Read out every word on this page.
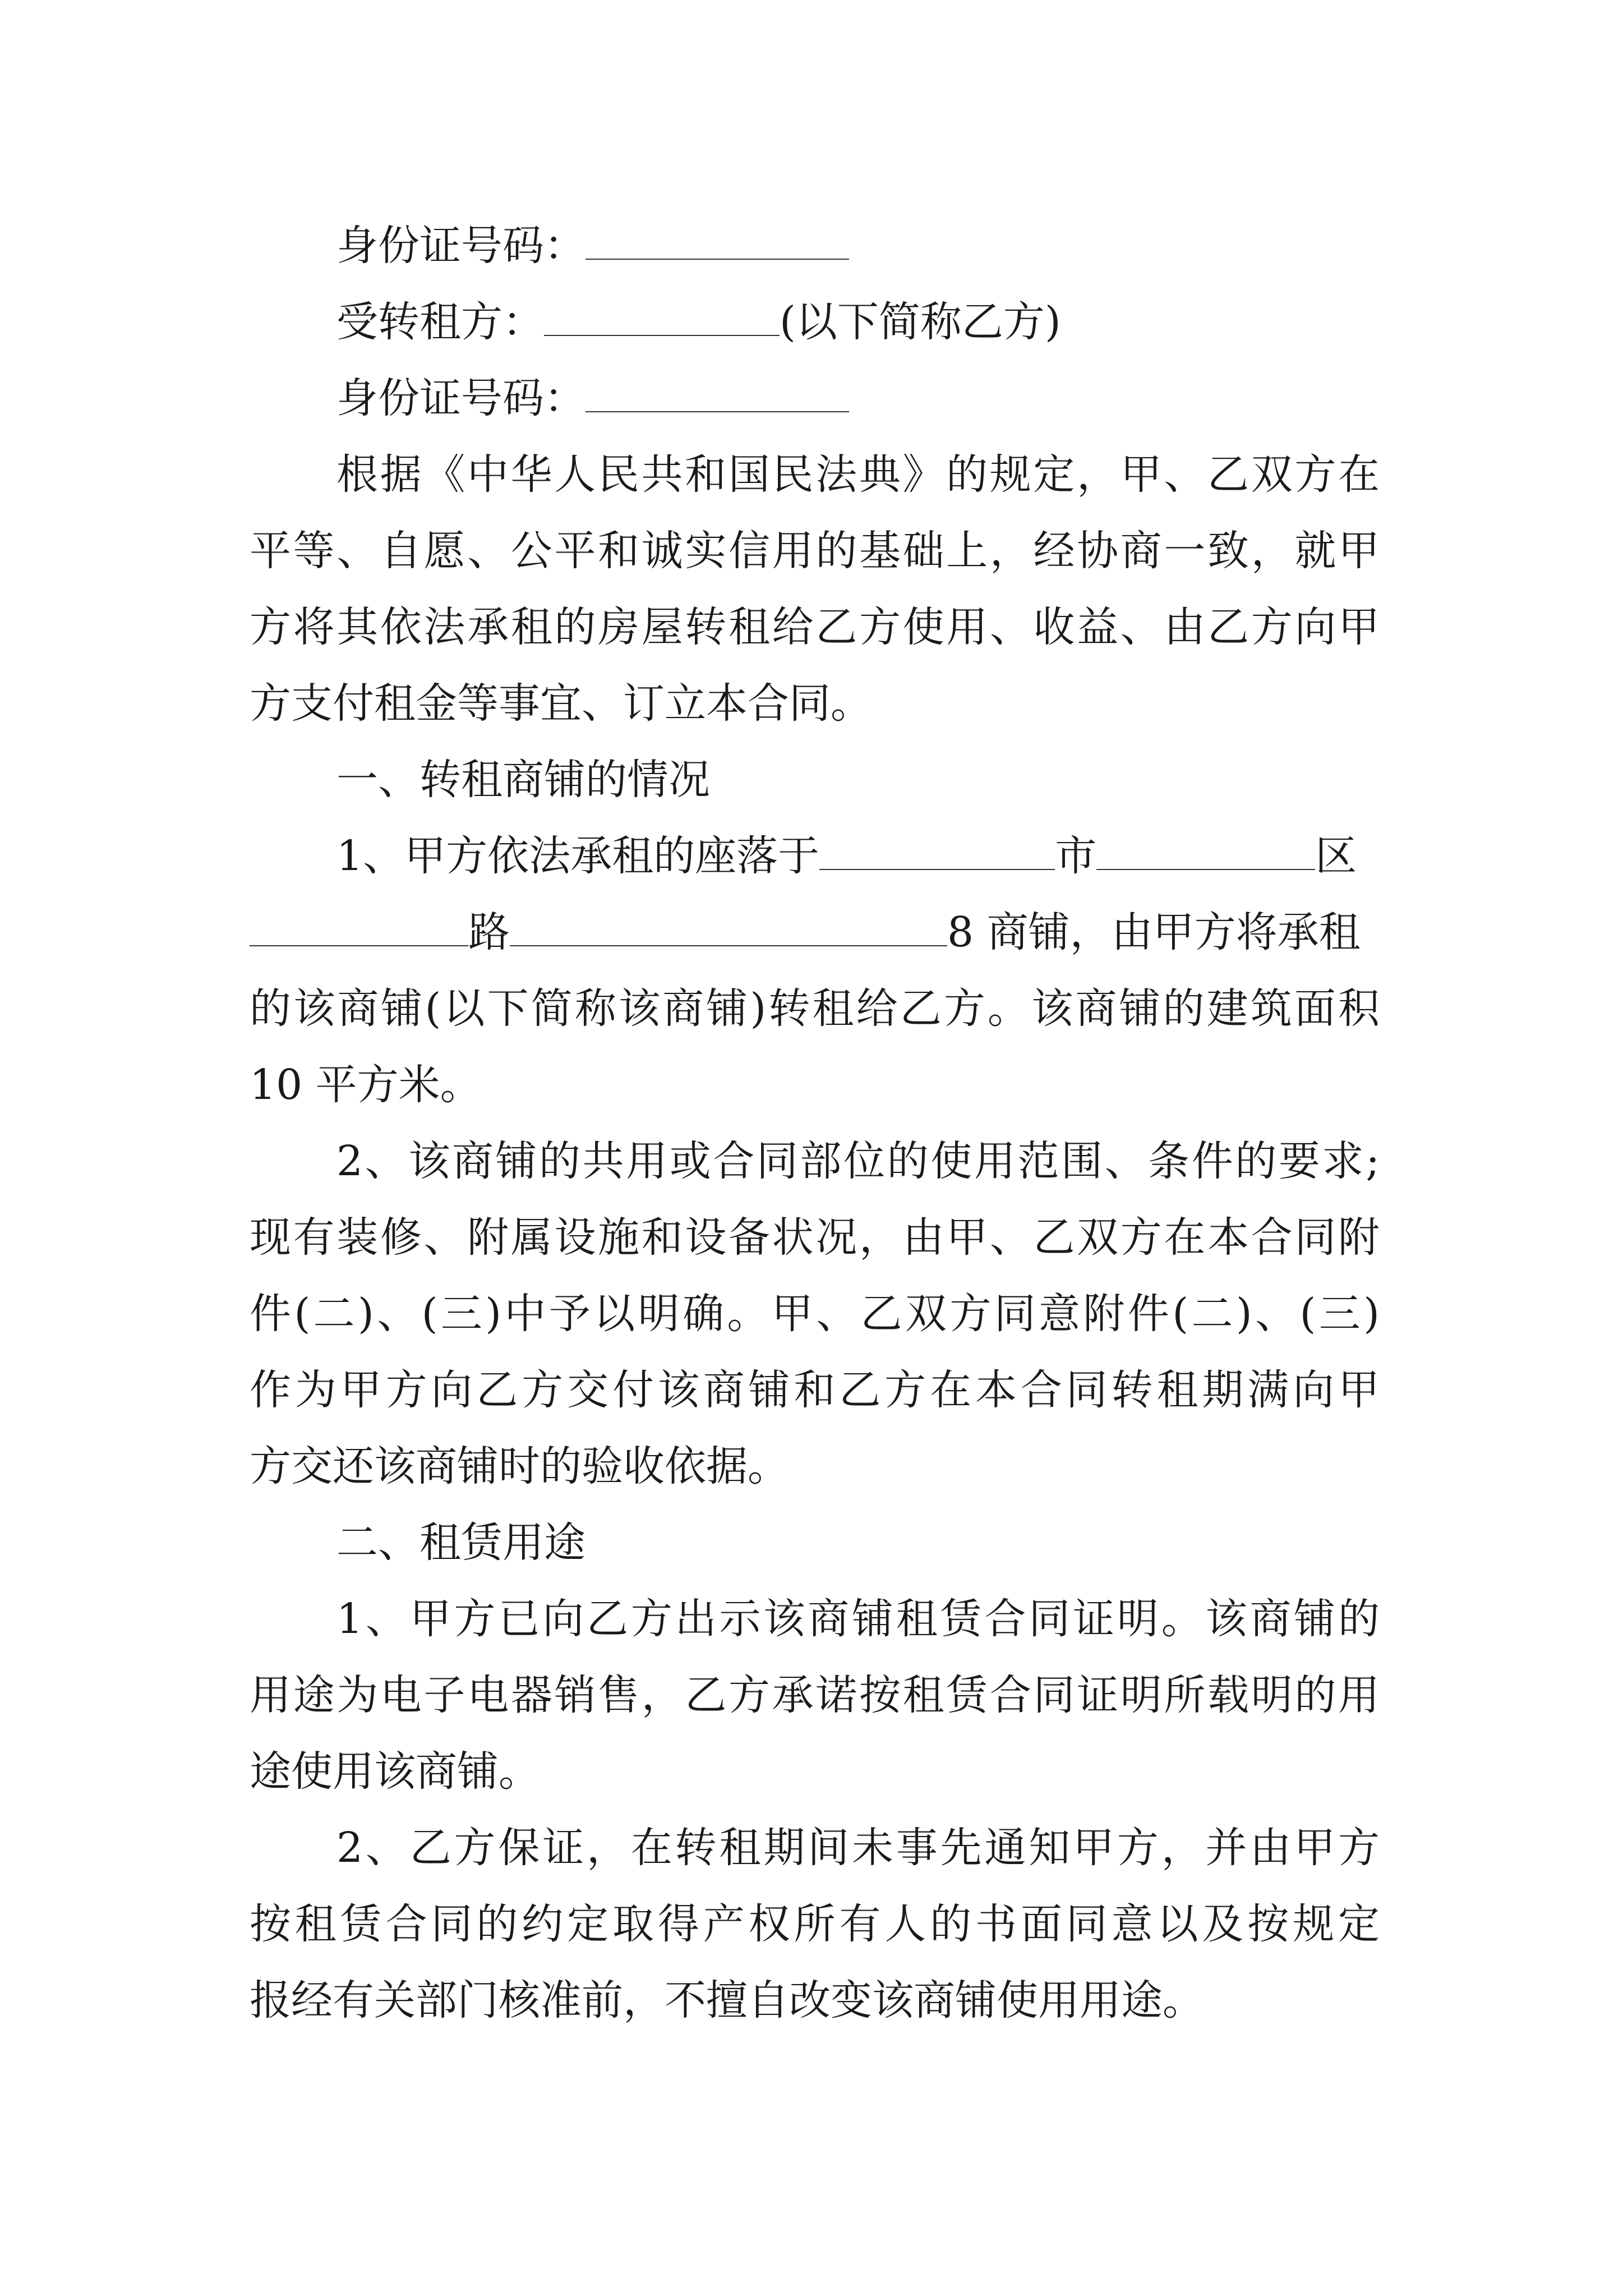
身份证号码：
受转租方：	(以下简称乙方)
身份证号码：
根据《中华人民共和国民法典》的规定，甲、乙双方在
平等、自愿、公平和诚实信用的基础上，经协商一致，就甲
方将其依法承租的房屋转租给乙方使用、收益、由乙方向甲
方支付租金等事宜、订立本合同。
一、转租商铺的情况
1、甲方依法承租的座落于	市	区
路	8 商铺，由甲方将承租
的该商铺(以下简称该商铺)转租给乙方。该商铺的建筑面积
10 平方米。
2、该商铺的共用或合同部位的使用范围、条件的要求;
现有装修、附属设施和设备状况，由甲、乙双方在本合同附
件(二)、(三)中予以明确。甲、乙双方同意附件(二)、(三)
作为甲方向乙方交付该商铺和乙方在本合同转租期满向甲
方交还该商铺时的验收依据。
二、租赁用途
1、甲方已向乙方出示该商铺租赁合同证明。该商铺的
用途为电子电器销售，乙方承诺按租赁合同证明所载明的用
途使用该商铺。
2、乙方保证，在转租期间未事先通知甲方，并由甲方
按租赁合同的约定取得产权所有人的书面同意以及按规定
报经有关部门核准前，不擅自改变该商铺使用用途。
